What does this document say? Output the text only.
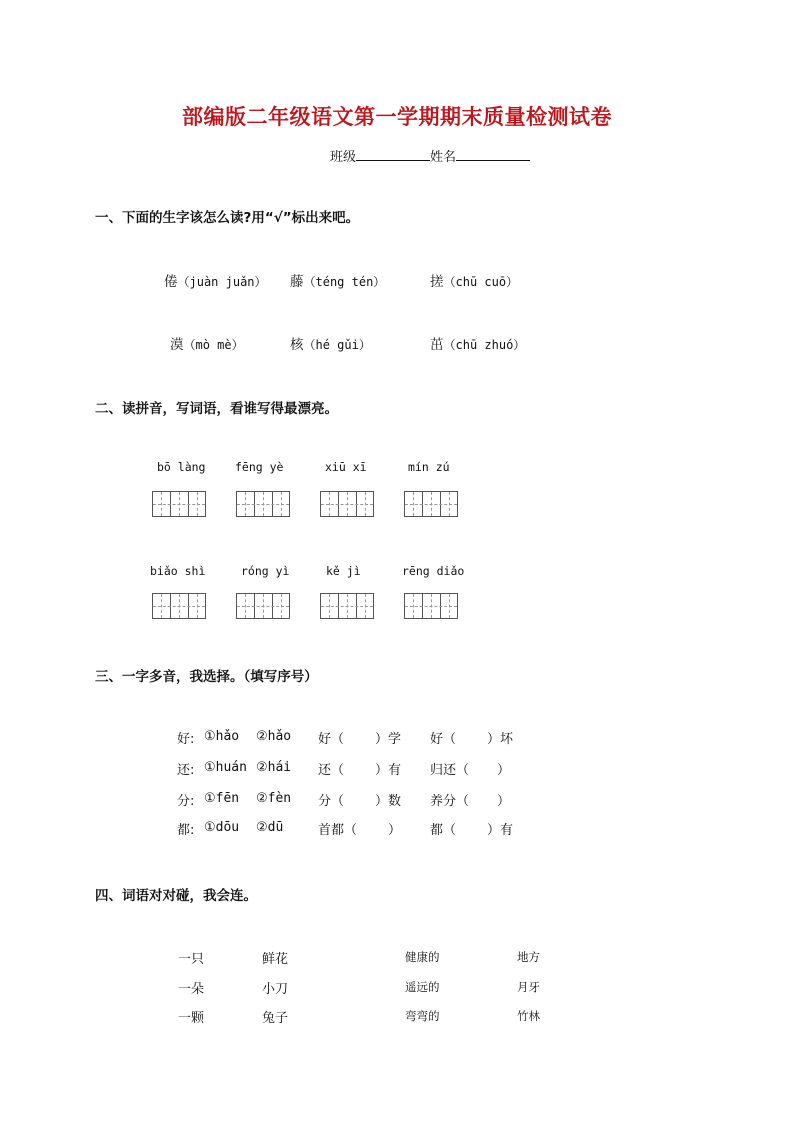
部编版二年级语文第一学期期末质量检测试卷
班级	姓名
一、下面的生字该怎么读?用“√”标出来吧。
倦（juàn juǎn） 藤（téng tén）	搓（chū cuō）
漠（mò mè）	核（hé gǔi）	茁（chū zhuó）
二、读拼音，写词语，看谁写得最漂亮。
bō làng	fēng yè	xiū xī	mín zú
biǎo shì	róng yì	kě jì	rēng diǎo
三、一字多音，我选择。（填写序号）
好: ①hǎo ②hǎo 好（ ）学 好（ ）坏
还: ①huán ②hái 还（ ）有 归还（ ）
分: ①fēn ②fèn 分（ ）数 养分（ ）
都: ①dōu ②dū	首都（ ） 都（ ）有
四、词语对对碰，我会连。
一只	鲜花	健康的	地方
一朵	小刀	遥远的	月牙
一颗	兔子	弯弯的	竹林
